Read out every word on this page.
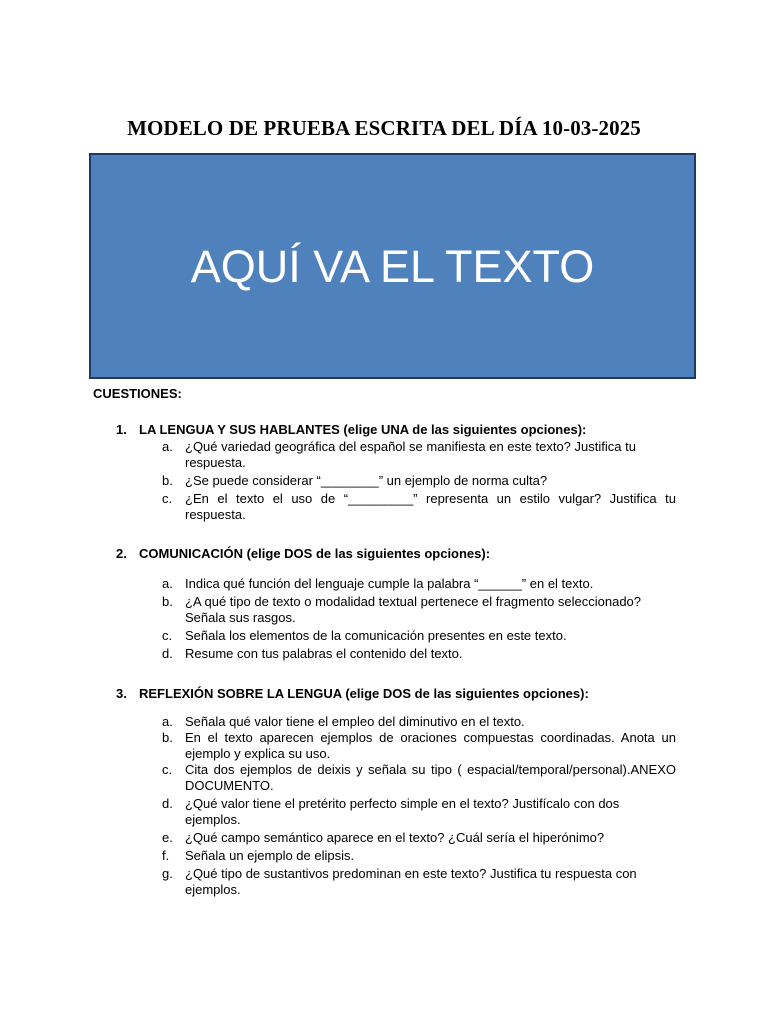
MODELO DE PRUEBA ESCRITA DEL DÍA 10-03-2025
AQUÍ VA EL TEXTO
CUESTIONES:
1. LA LENGUA Y SUS HABLANTES (elige UNA de las siguientes opciones):
a. ¿Qué variedad geográfica del español se manifiesta en este texto? Justifica tu respuesta.
b. ¿Se puede considerar “________” un ejemplo de norma culta?
c. ¿En el texto el uso de “_________” representa un estilo vulgar? Justifica tu respuesta.
2. COMUNICACIÓN (elige DOS de las siguientes opciones):
a. Indica qué función del lenguaje cumple la palabra “______” en el texto.
b. ¿A qué tipo de texto o modalidad textual pertenece el fragmento seleccionado? Señala sus rasgos.
c. Señala los elementos de la comunicación presentes en este texto.
d. Resume con tus palabras el contenido del texto.
3. REFLEXIÓN SOBRE LA LENGUA (elige DOS de las siguientes opciones):
a. Señala qué valor tiene el empleo del diminutivo en el texto.
b. En el texto aparecen ejemplos de oraciones compuestas coordinadas. Anota un ejemplo y explica su uso.
c. Cita dos ejemplos de deixis y señala su tipo ( espacial/temporal/personal).ANEXO DOCUMENTO.
d. ¿Qué valor tiene el pretérito perfecto simple en el texto? Justifícalo con dos ejemplos.
e. ¿Qué campo semántico aparece en el texto? ¿Cuál sería el hiperónimo?
f. Señala un ejemplo de elipsis.
g. ¿Qué tipo de sustantivos predominan en este texto? Justifica tu respuesta con ejemplos.
